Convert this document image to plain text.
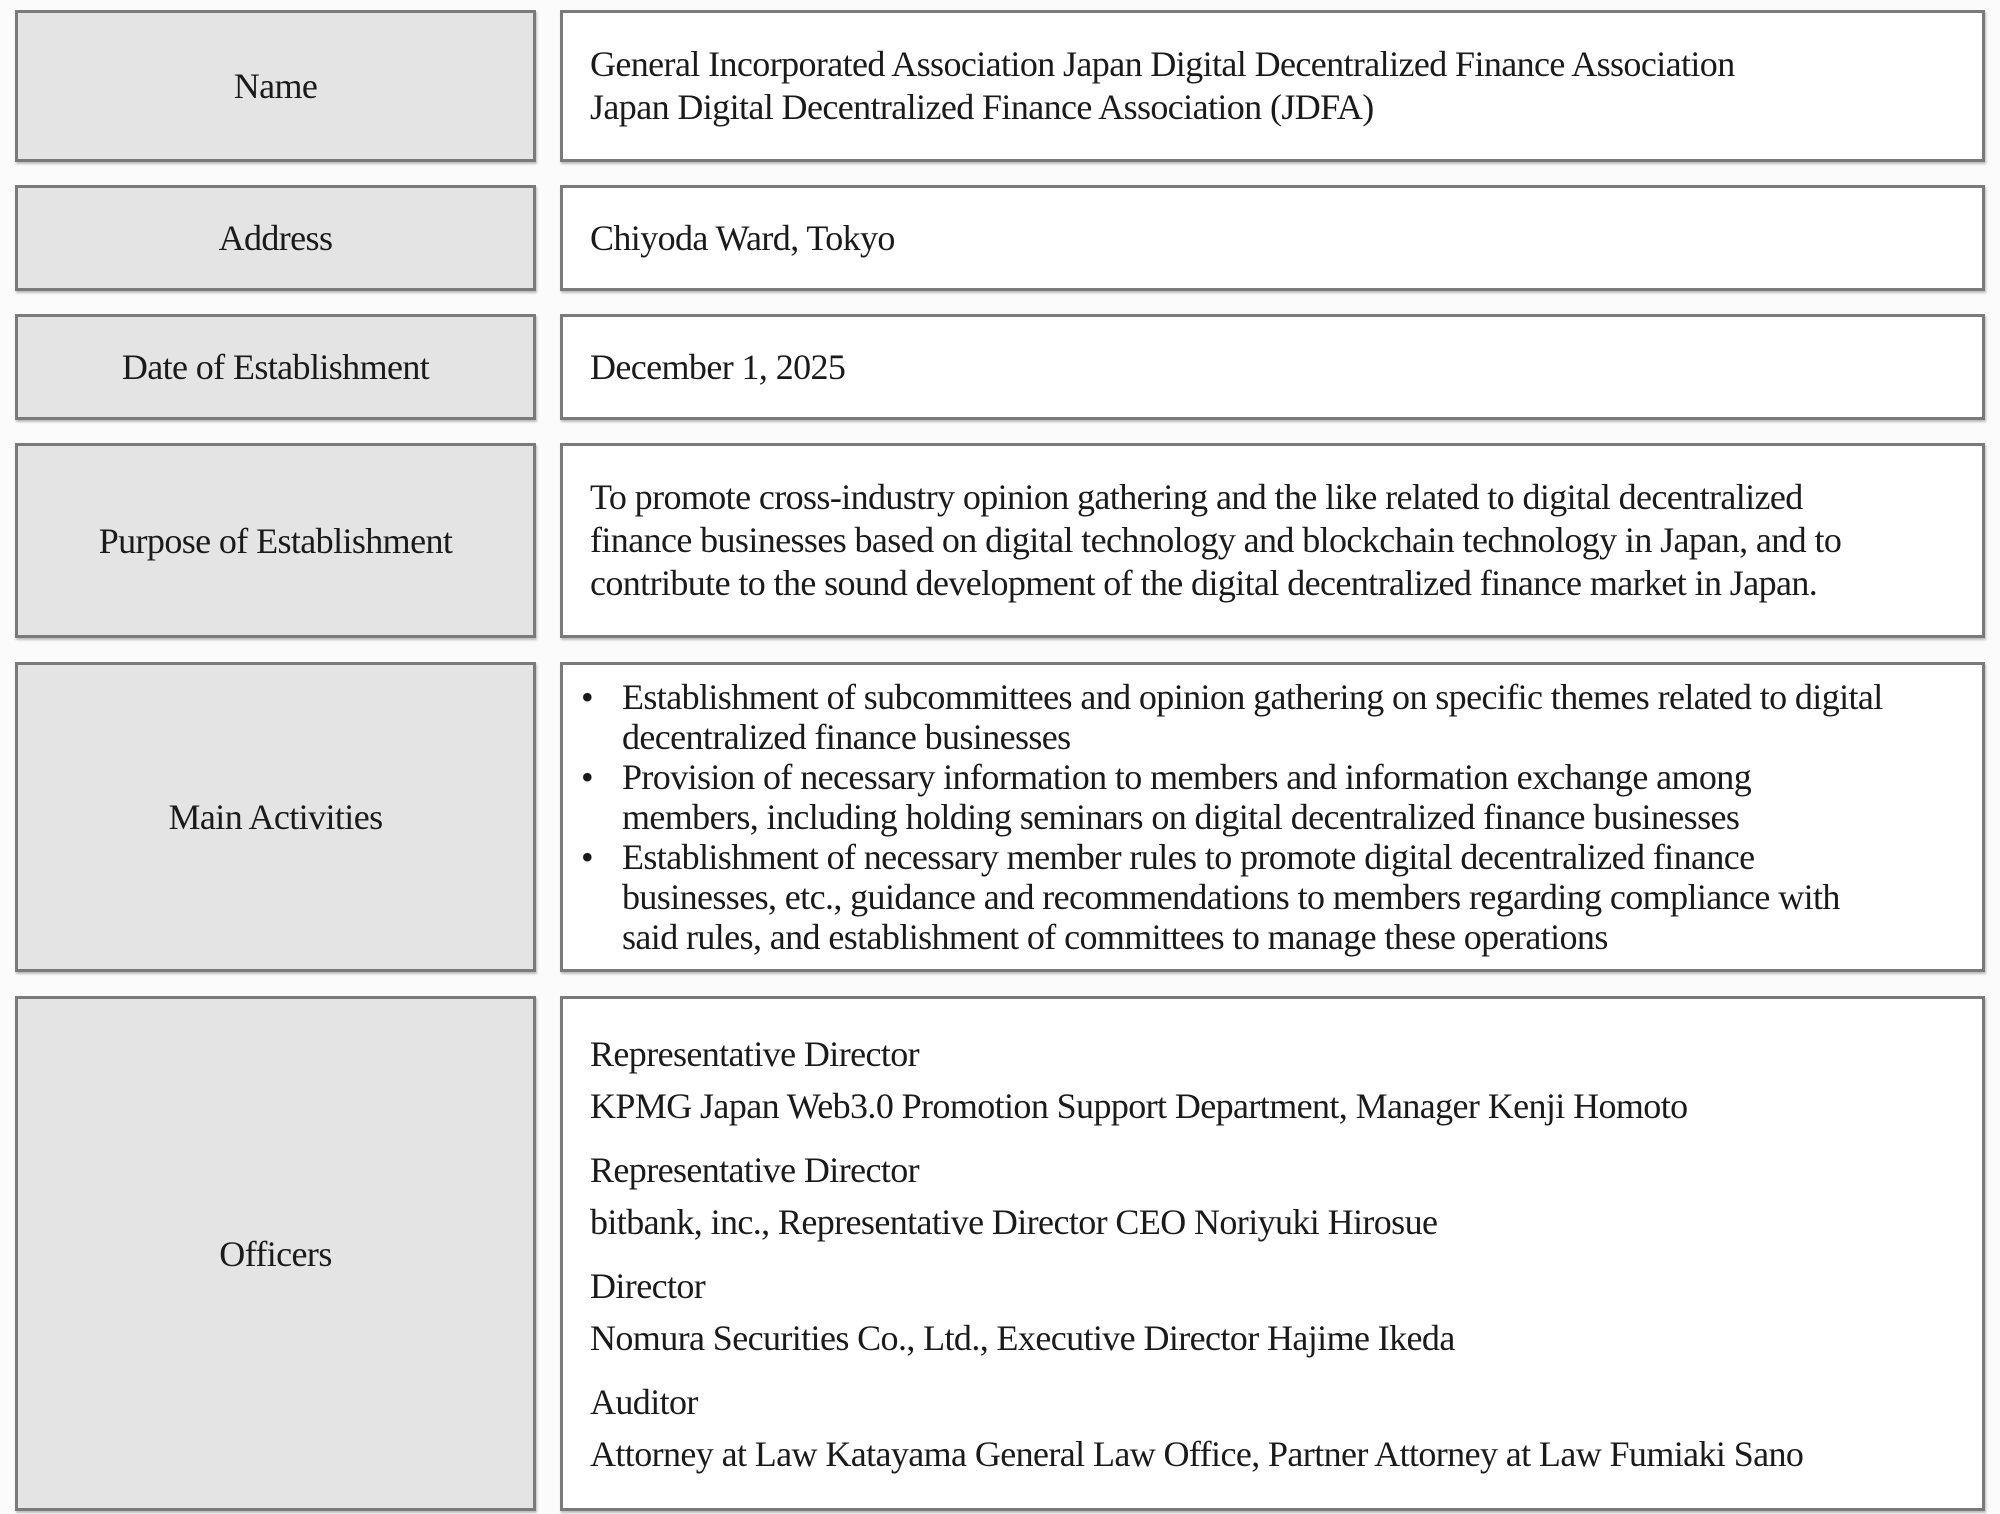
Name
General Incorporated Association Japan Digital Decentralized Finance Association
Japan Digital Decentralized Finance Association (JDFA)
Address	Chiyoda Ward, Tokyo
Date of Establishment	December 1, 2025
Purpose of Establishment
To promote cross-industry opinion gathering and the like related to digital decentralized
finance businesses based on digital technology and blockchain technology in Japan, and to
contribute to the sound development of the digital decentralized finance market in Japan.
Main Activities
• Establishment of subcommittees and opinion gathering on specific themes related to digital
decentralized finance businesses
• Provision of necessary information to members and information exchange among
members, including holding seminars on digital decentralized finance businesses
• Establishment of necessary member rules to promote digital decentralized finance
businesses, etc., guidance and recommendations to members regarding compliance with
said rules, and establishment of committees to manage these operations
Officers
Representative Director
KPMG Japan Web3.0 Promotion Support Department, Manager Kenji Homoto
Representative Director
bitbank, inc., Representative Director CEO Noriyuki Hirosue
Director
Nomura Securities Co., Ltd., Executive Director Hajime Ikeda
Auditor
Attorney at Law Katayama General Law Office, Partner Attorney at Law Fumiaki Sano
